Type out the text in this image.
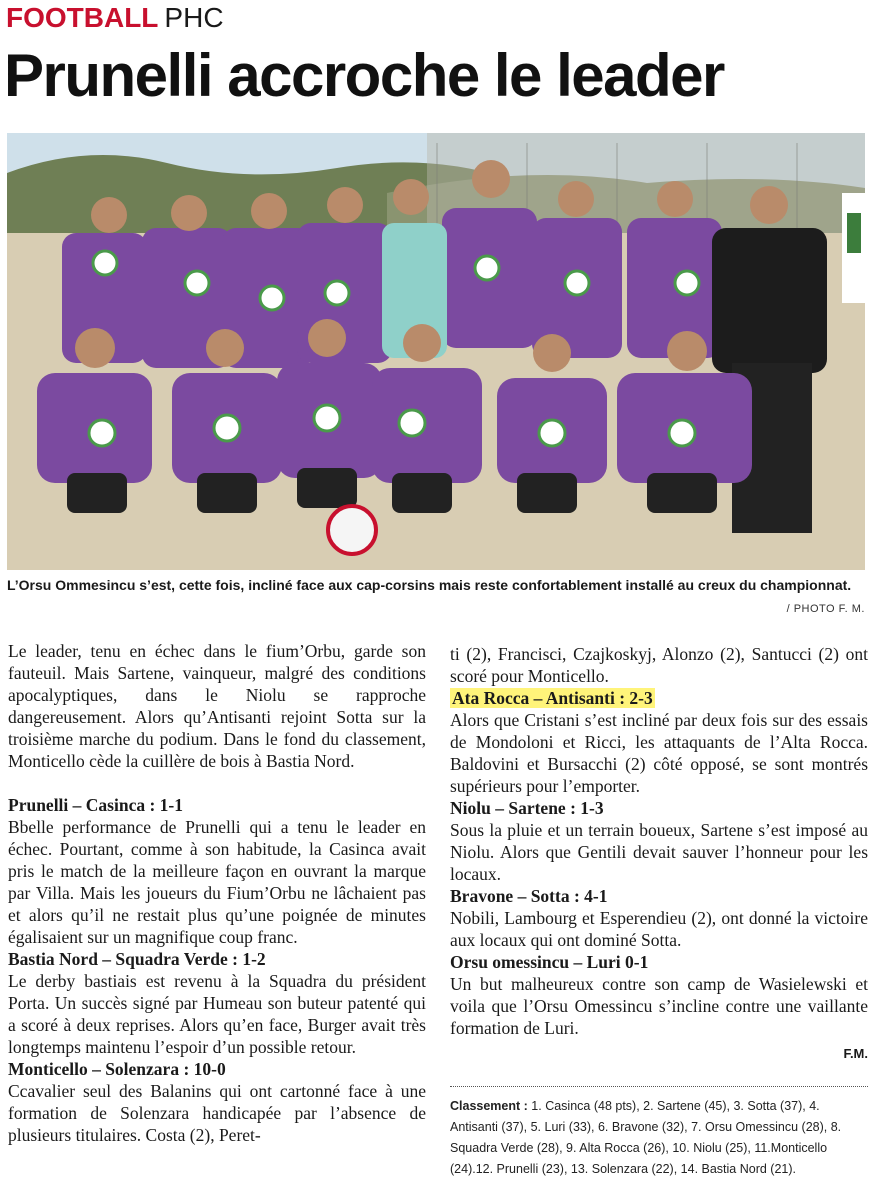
FOOTBALL PHC
Prunelli accroche le leader
L’Orsu Ommesincu s’est, cette fois, incliné face aux cap-corsins mais reste confortablement installé au creux du championnat.
/ PHOTO F. M.

Le leader, tenu en échec dans le fium’Orbu, garde son fauteuil. Mais Sartene, vainqueur, malgré des conditions apocalyptiques, dans le Niolu se rapproche dangereusement. Alors qu’Antisanti rejoint Sotta sur la troisième marche du podium. Dans le fond du classement, Monticello cède la cuillère de bois à Bastia Nord.

Prunelli – Casinca : 1-1

Bbelle performance de Prunelli qui a tenu le leader en échec. Pourtant, comme à son habitude, la Casinca avait pris le match de la meilleure façon en ouvrant la marque par Villa. Mais les joueurs du Fium’Orbu ne lâchaient pas et alors qu’il ne restait plus qu’une poignée de minutes égalisaient sur un magnifique coup franc.

Bastia Nord – Squadra Verde : 1-2

Le derby bastiais est revenu à la Squadra du président Porta. Un succès signé par Humeau son buteur patenté qui a scoré à deux reprises. Alors qu’en face, Burger avait très longtemps maintenu l’espoir d’un possible retour.

Monticello – Solenzara : 10-0

Ccavalier seul des Balanins qui ont cartonné face à une formation de Solenzara handicapée par l’absence de plusieurs titulaires. Costa (2), Peret-

ti (2), Francisci, Czajkoskyj, Alonzo (2), Santucci (2) ont scoré pour Monticello.

Ata Rocca – Antisanti : 2-3

Alors que Cristani s’est incliné par deux fois sur des essais de Mondoloni et Ricci, les attaquants de l’Alta Rocca. Baldovini et Bursacchi (2) côté opposé, se sont montrés supérieurs pour l’emporter.

Niolu – Sartene : 1-3

Sous la pluie et un terrain boueux, Sartene s’est imposé au Niolu. Alors que Gentili devait sauver l’honneur pour les locaux.

Bravone – Sotta : 4-1

Nobili, Lambourg et Esperendieu (2), ont donné la victoire aux locaux qui ont dominé Sotta.

Orsu omessincu – Luri 0-1

Un but malheureux contre son camp de Wasielewski et voila que l’Orsu Omessincu s’incline contre une vaillante formation de Luri.

F.M.
Classement : 1. Casinca (48 pts), 2. Sartene (45), 3. Sotta (37), 4. Antisanti (37), 5. Luri (33), 6. Bravone (32), 7. Orsu Omessincu (28), 8. Squadra Verde (28), 9. Alta Rocca (26), 10. Niolu (25), 11.Monticello (24).12. Prunelli (23), 13. Solenzara (22), 14. Bastia Nord (21).
